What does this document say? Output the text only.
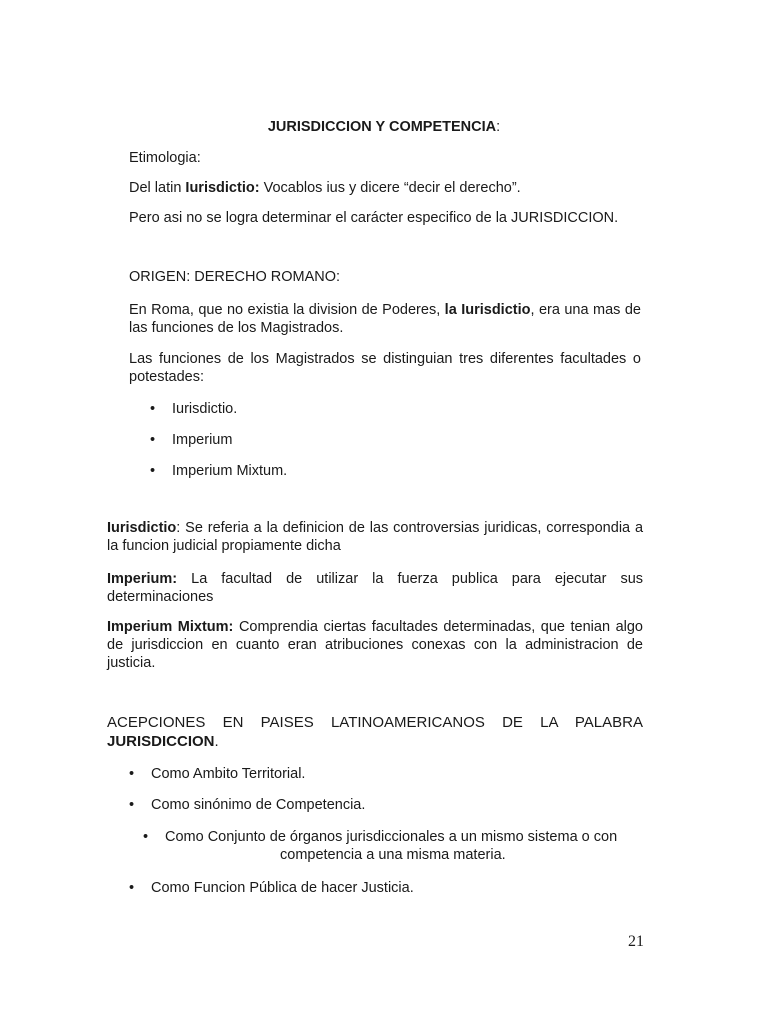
JURISDICCION Y COMPETENCIA:
Etimologia:
Del latin Iurisdictio: Vocablos ius y dicere “decir el derecho”.
Pero asi no se logra determinar el carácter especifico de la JURISDICCION.
ORIGEN: DERECHO ROMANO:
En Roma, que no existia la division de Poderes, la Iurisdictio, era una mas de las funciones de los Magistrados.
Las funciones de los Magistrados se distinguian tres diferentes facultades o potestades:
•	Iurisdictio.
•	Imperium
•	Imperium Mixtum.
Iurisdictio: Se referia a la definicion de las controversias juridicas, correspondia a la funcion judicial propiamente dicha
Imperium: La facultad de utilizar la fuerza publica para ejecutar sus determinaciones
Imperium Mixtum: Comprendia ciertas facultades determinadas, que tenian algo de jurisdiccion en cuanto eran atribuciones conexas con la administracion de justicia.
ACEPCIONES EN PAISES LATINOAMERICANOS DE LA PALABRA
JURISDICCION.
•	Como Ambito Territorial.
•	Como sinónimo de Competencia.
•	Como Conjunto de órganos jurisdiccionales a un mismo sistema o con
competencia a una misma materia.
•	Como Funcion Pública de hacer Justicia.
21
